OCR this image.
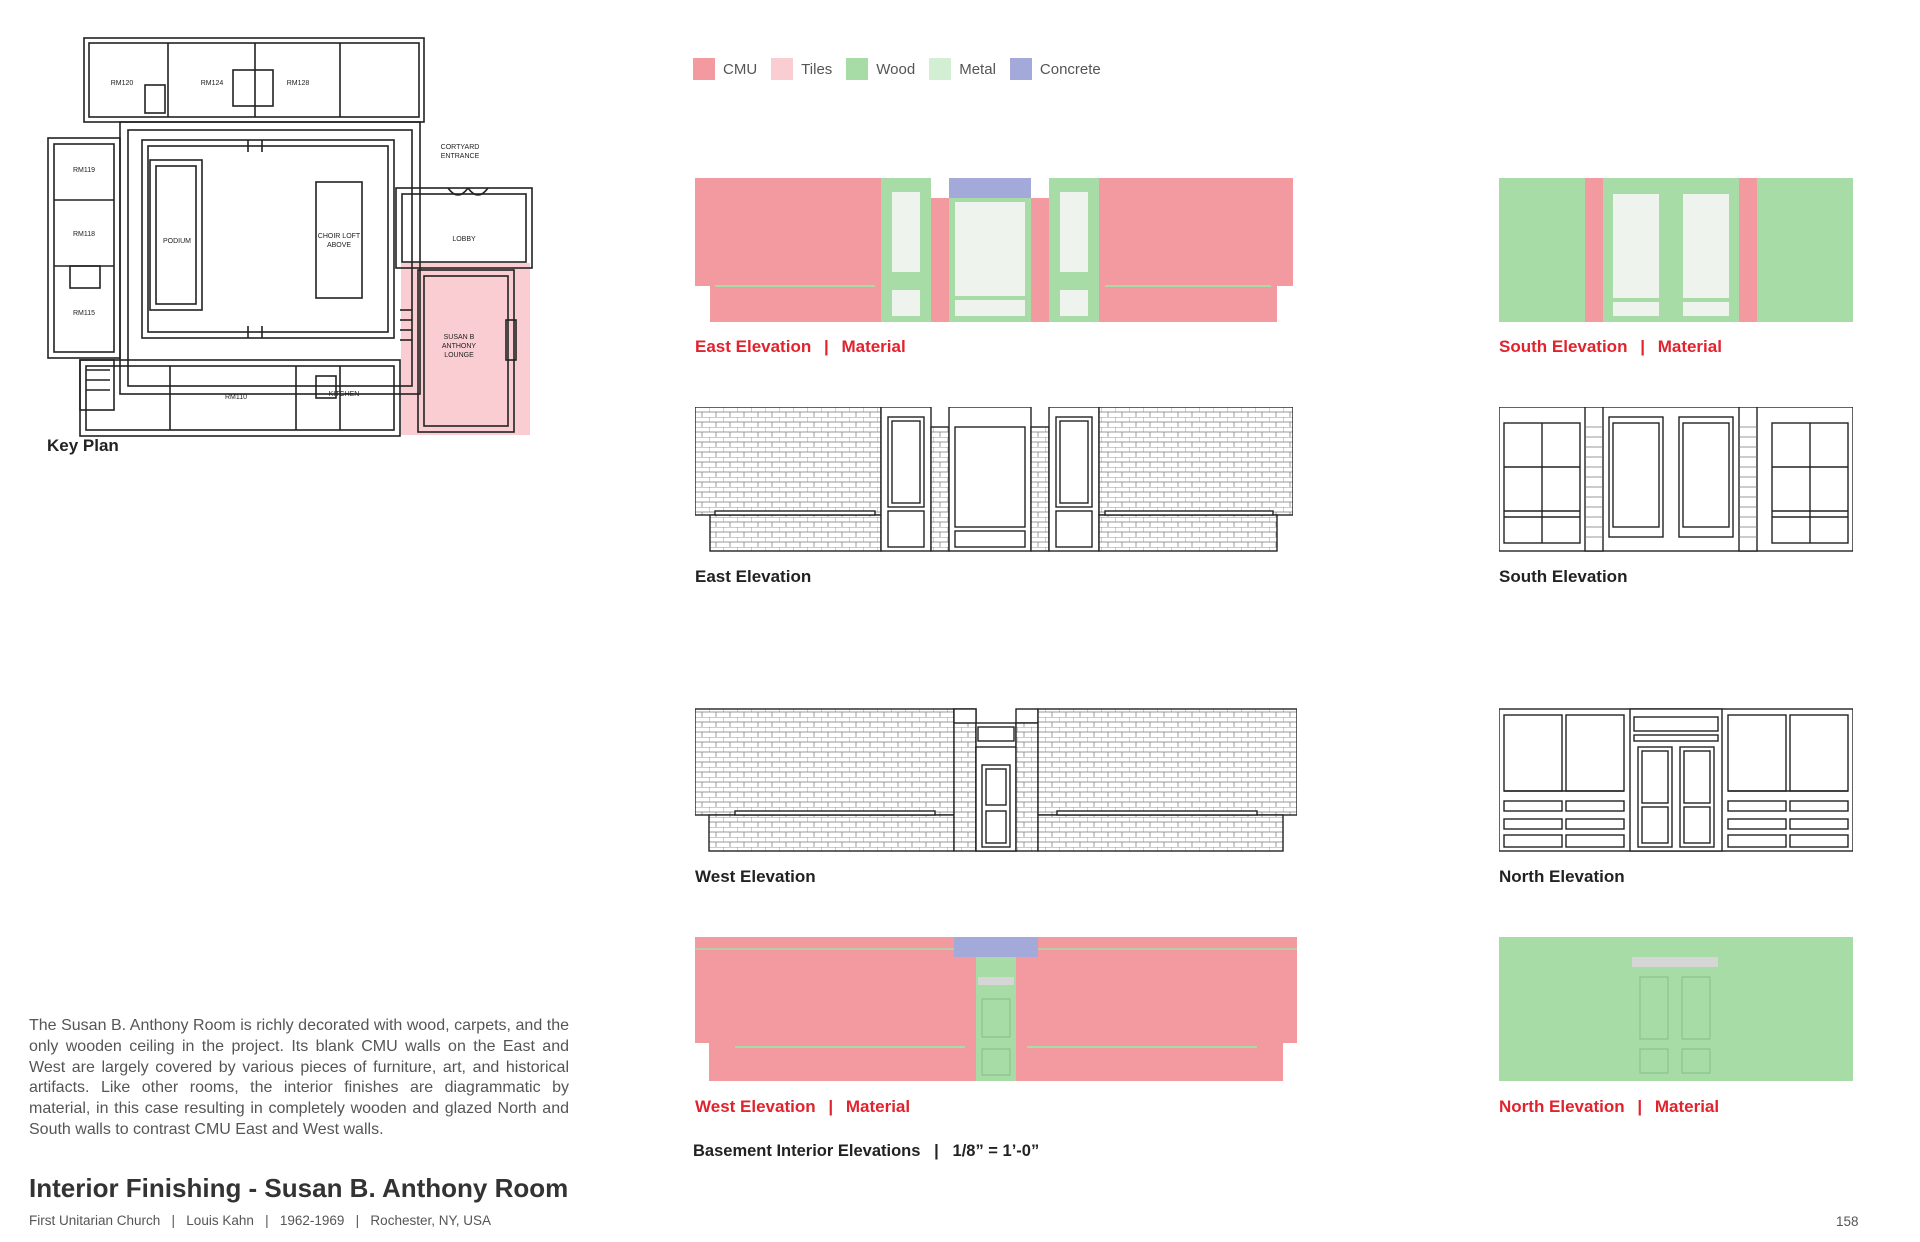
RM120	RM124	RM128
RM119
RM118
RM115
RM110
PODIUM
CHOIR LOFT
ABOVE
CORTYARD
ENTRANCE
LOBBY
KITCHEN
SUSAN B
ANTHONY
LOUNGE
Key Plan
CMU	Tiles	Wood	Metal	Concrete
East Elevation | Material	South Elevation | Material
East Elevation	South Elevation
West Elevation	North Elevation
West Elevation | Material	North Elevation | Material
Basement Interior Elevations   |   1/8” = 1’-0”
The Susan B. Anthony Room is richly decorated with wood, carpets, and the only wooden ceiling in the project. Its blank CMU walls on the East and West are largely covered by various pieces of furniture, art, and historical artifacts. Like other rooms, the interior finishes are diagrammatic by material, in this case resulting in completely wooden and glazed North and South walls to contrast CMU East and West walls.
Interior Finishing - Susan B. Anthony Room
First Unitarian Church   |   Louis Kahn   |   1962-1969   |   Rochester, NY, USA	158
